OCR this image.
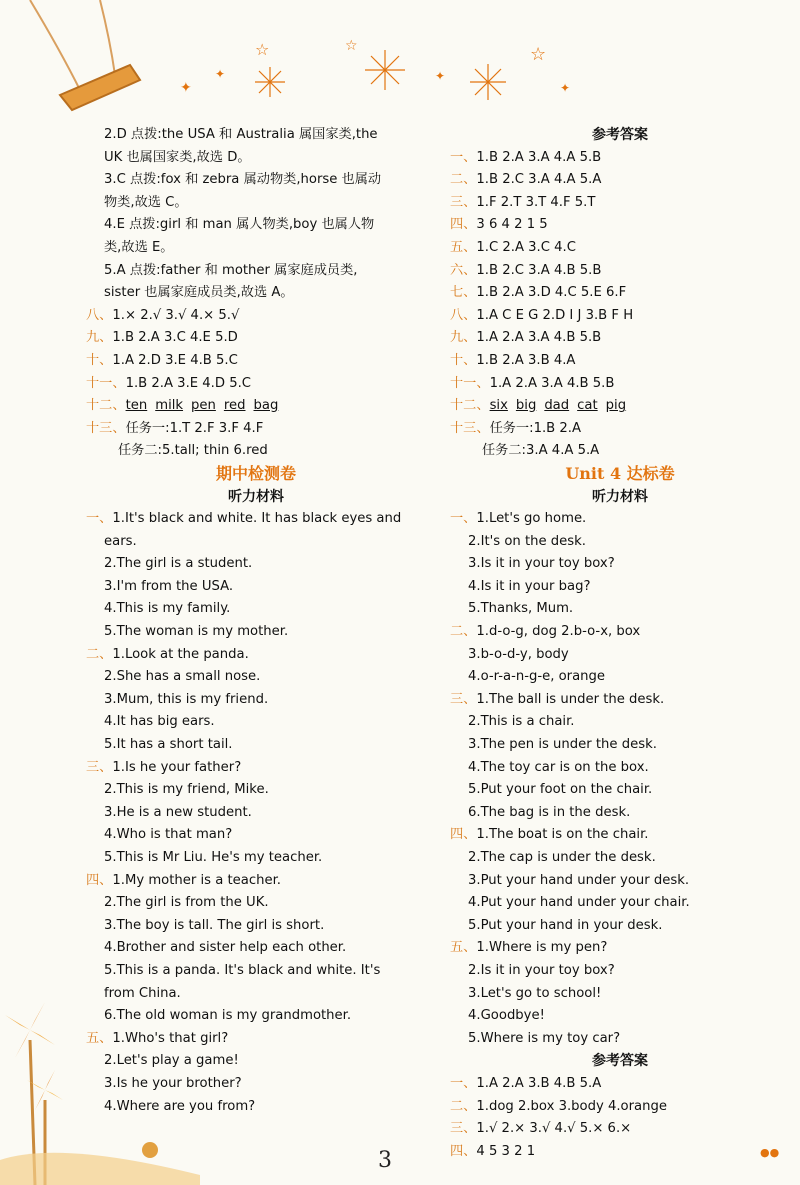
☆	☆	☆
✦
✦	✦
✦
2.D 点拨:the USA 和 Australia 属国家类,the
UK 也属国家类,故选 D。
3.C 点拨:fox 和 zebra 属动物类,horse 也属动
物类,故选 C。
4.E 点拨:girl 和 man 属人物类,boy 也属人物
类,故选 E。
5.A 点拨:father 和 mother 属家庭成员类,
sister 也属家庭成员类,故选 A。
八、1.× 2.√ 3.√ 4.× 5.√
九、1.B 2.A 3.C 4.E 5.D
十、1.A 2.D 3.E 4.B 5.C
十一、1.B 2.A 3.E 4.D 5.C
十二、ten milk pen red bag
十三、任务一:1.T 2.F 3.F 4.F
任务二:5.tall; thin 6.red
期中检测卷
听力材料
一、1.It's black and white. It has black eyes and
ears.
2.The girl is a student.
3.I'm from the USA.
4.This is my family.
5.The woman is my mother.
二、1.Look at the panda.
2.She has a small nose.
3.Mum, this is my friend.
4.It has big ears.
5.It has a short tail.
三、1.Is he your father?
2.This is my friend, Mike.
3.He is a new student.
4.Who is that man?
5.This is Mr Liu. He's my teacher.
四、1.My mother is a teacher.
2.The girl is from the UK.
3.The boy is tall. The girl is short.
4.Brother and sister help each other.
5.This is a panda. It's black and white. It's
from China.
6.The old woman is my grandmother.
五、1.Who's that girl?
2.Let's play a game!
3.Is he your brother?
4.Where are you from?
参考答案
一、1.B 2.A 3.A 4.A 5.B
二、1.B 2.C 3.A 4.A 5.A
三、1.F 2.T 3.T 4.F 5.T
四、3 6 4 2 1 5
五、1.C 2.A 3.C 4.C
六、1.B 2.C 3.A 4.B 5.B
七、1.B 2.A 3.D 4.C 5.E 6.F
八、1.A C E G 2.D I J 3.B F H
九、1.A 2.A 3.A 4.B 5.B
十、1.B 2.A 3.B 4.A
十一、1.A 2.A 3.A 4.B 5.B
十二、six big dad cat pig
十三、任务一:1.B 2.A
任务二:3.A 4.A 5.A
Unit 4 达标卷
听力材料
一、1.Let's go home.
2.It's on the desk.
3.Is it in your toy box?
4.Is it in your bag?
5.Thanks, Mum.
二、1.d-o-g, dog 2.b-o-x, box
3.b-o-d-y, body
4.o-r-a-n-g-e, orange
三、1.The ball is under the desk.
2.This is a chair.
3.The pen is under the desk.
4.The toy car is on the box.
5.Put your foot on the chair.
6.The bag is in the desk.
四、1.The boat is on the chair.
2.The cap is under the desk.
3.Put your hand under your desk.
4.Put your hand under your chair.
5.Put your hand in your desk.
五、1.Where is my pen?
2.Is it in your toy box?
3.Let's go to school!
4.Goodbye!
5.Where is my toy car?
参考答案
一、1.A 2.A 3.B 4.B 5.A
二、1.dog 2.box 3.body 4.orange
三、1.√ 2.× 3.√ 4.√ 5.× 6.×
四、4 5 3 2 1
3	●●
